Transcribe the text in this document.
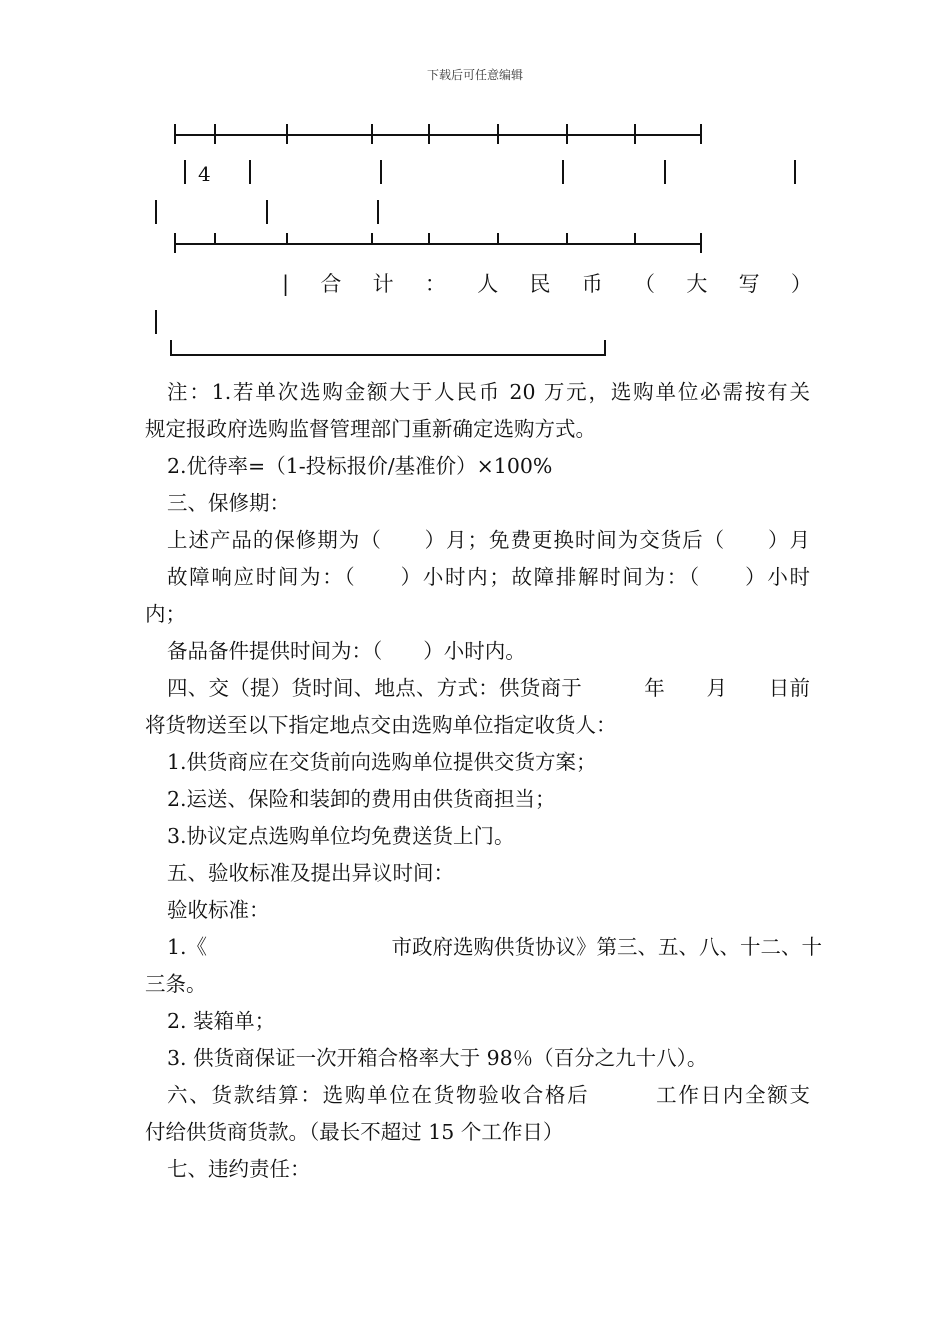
下载后可任意编辑
4
| 合 计 ： 人 民 币 （ 大 写 ）
注：1.若单次选购金额大于人民币 20 万元，选购单位必需按有关
规定报政府选购监督管理部门重新确定选购方式。
2.优待率=（1-投标报价/基准价）×100%
三、保修期：
上述产品的保修期为（　　）月；免费更换时间为交货后（　　）月
故障响应时间为：（　　）小时内；故障排解时间为：（　　）小时
内；
备品备件提供时间为：（　　）小时内。
四、交（提）货时间、地点、方式：供货商于　　　年　　月　　日前
将货物送至以下指定地点交由选购单位指定收货人：
1.供货商应在交货前向选购单位提供交货方案；
2.运送、保险和装卸的费用由供货商担当；
3.协议定点选购单位均免费送货上门。
五、验收标准及提出异议时间：
验收标准：
1.《　　　　　　　　　市政府选购供货协议》第三、五、八、十二、十
三条。
2. 装箱单；
3. 供货商保证一次开箱合格率大于 98％（百分之九十八）。
六、货款结算：选购单位在货物验收合格后　　　工作日内全额支
付给供货商货款。（最长不超过 15 个工作日）
七、违约责任：
